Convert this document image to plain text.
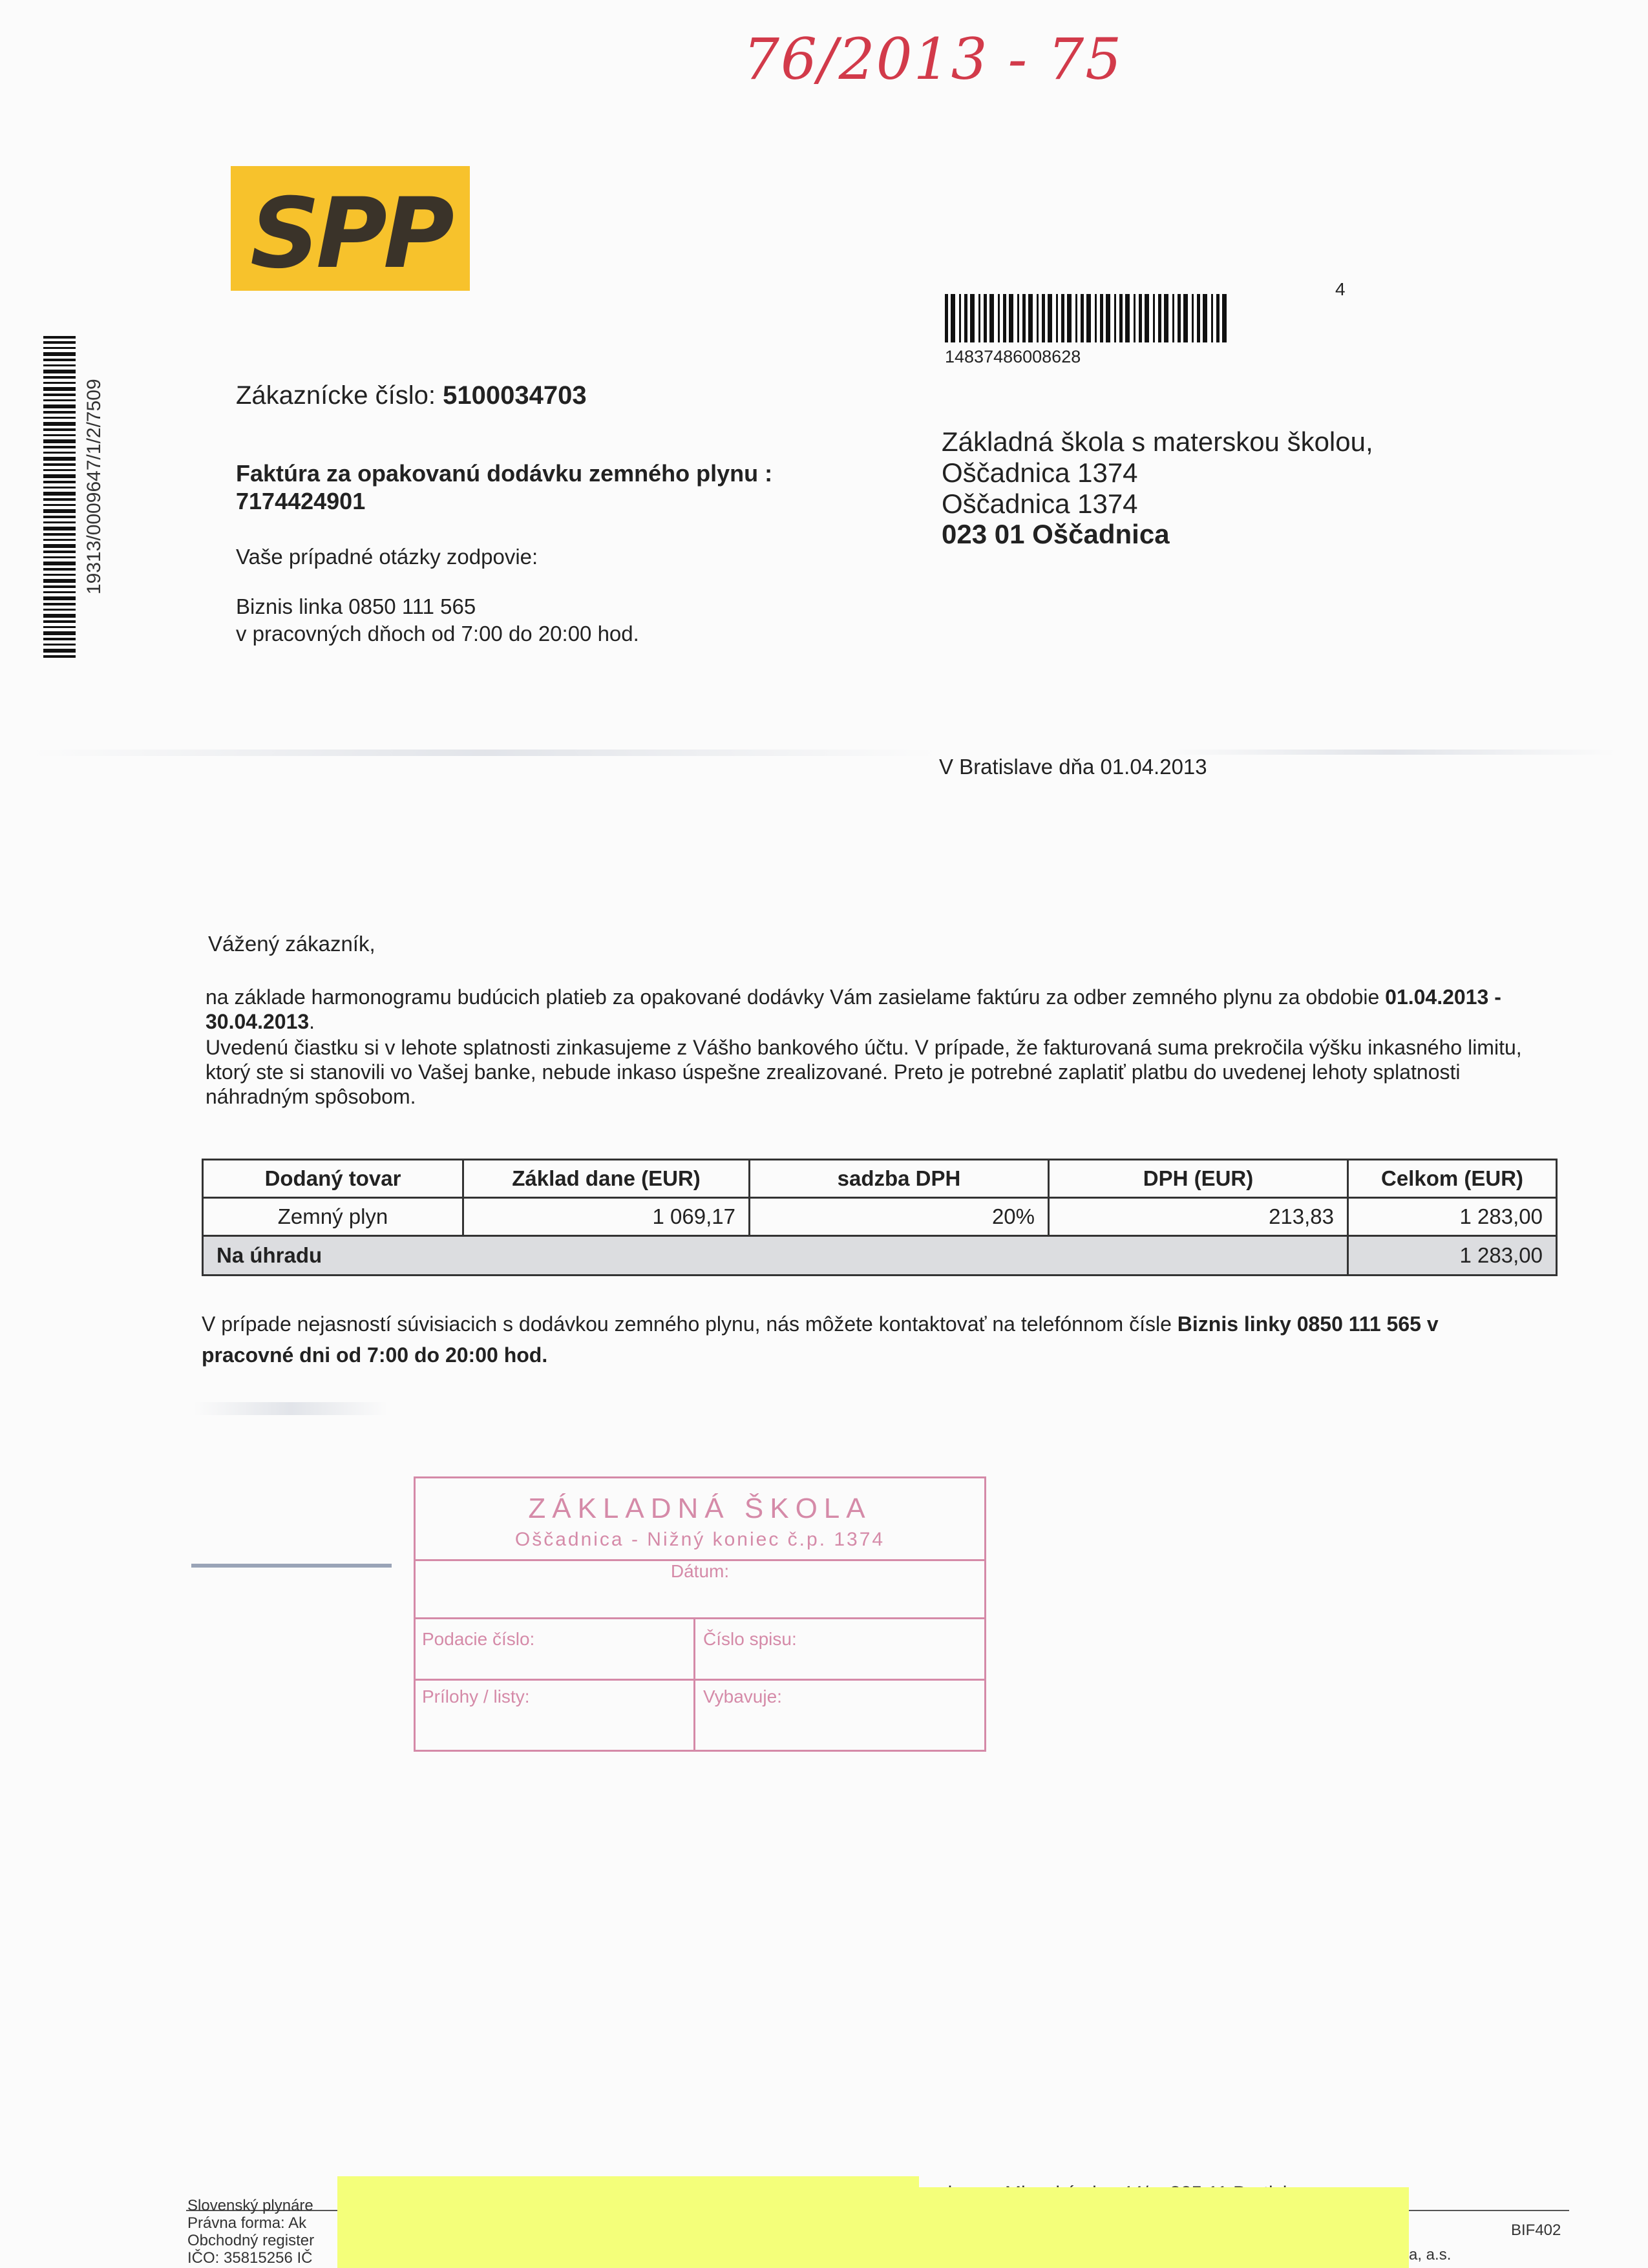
76/2013 - 75
SPP	4
14837486008628
19313/0009647/1/2/7509	Zákaznícke číslo: 5100034703
Faktúra za opakovanú dodávku zemného plynu :
7174424901
Vaše prípadné otázky zodpovie:
Biznis linka 0850 111 565
v pracovných dňoch od 7:00 do 20:00 hod.
Základná škola s materskou školou,
Oščadnica 1374
Oščadnica 1374
023 01 Oščadnica
V Bratislave dňa 01.04.2013
Vážený zákazník,
na základe harmonogramu budúcich platieb za opakované dodávky Vám zasielame faktúru za odber zemného plynu za obdobie 01.04.2013 - 30.04.2013.
Uvedenú čiastku si v lehote splatnosti zinkasujeme z Vášho bankového účtu. V prípade, že fakturovaná suma prekročila výšku inkasného limitu, ktorý ste si stanovili vo Vašej banke, nebude inkaso úspešne zrealizované. Preto je potrebné zaplatiť platbu do uvedenej lehoty splatnosti náhradným spôsobom.
Dodaný tovar	Základ dane (EUR)	sadzba DPH	DPH (EUR)	Celkom (EUR)
Zemný plyn	1 069,17	20%	213,83	1 283,00
Na úhradu				1 283,00
V prípade nejasností súvisiacich s dodávkou zemného plynu, nás môžete kontaktovať na telefónnom čísle Biznis linky 0850 111 565 v
pracovné dni od 7:00 do 20:00 hod.
ZÁKLADNÁ ŠKOLA
Oščadnica - Nižný koniec č.p. 1374
Dátum:
Podacie číslo:	Číslo spisu:
Prílohy / listy:	Vybavuje:
Slovenský plynáre
Právna forma: Ak
Obchodný register
IČO: 35815256 IČ	a, a.s.
BIF402
